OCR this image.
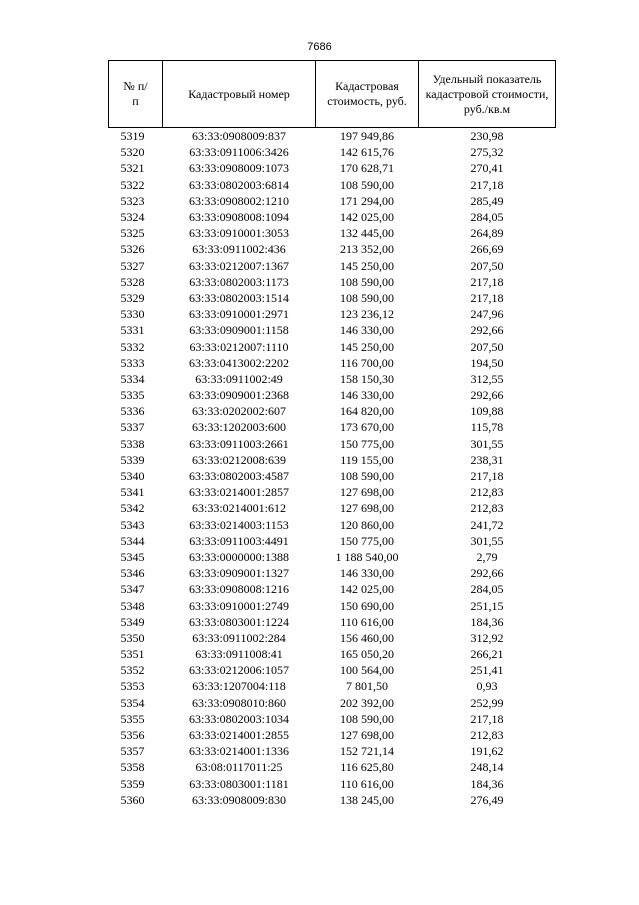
7686
№ п/п	Кадастровый номер	Кадастровая стоимость, руб.	Удельный показатель кадастровой стоимости, руб./кв.м
5319	63:33:0908009:837	197 949,86	230,98
5320	63:33:0911006:3426	142 615,76	275,32
5321	63:33:0908009:1073	170 628,71	270,41
5322	63:33:0802003:6814	108 590,00	217,18
5323	63:33:0908002:1210	171 294,00	285,49
5324	63:33:0908008:1094	142 025,00	284,05
5325	63:33:0910001:3053	132 445,00	264,89
5326	63:33:0911002:436	213 352,00	266,69
5327	63:33:0212007:1367	145 250,00	207,50
5328	63:33:0802003:1173	108 590,00	217,18
5329	63:33:0802003:1514	108 590,00	217,18
5330	63:33:0910001:2971	123 236,12	247,96
5331	63:33:0909001:1158	146 330,00	292,66
5332	63:33:0212007:1110	145 250,00	207,50
5333	63:33:0413002:2202	116 700,00	194,50
5334	63:33:0911002:49	158 150,30	312,55
5335	63:33:0909001:2368	146 330,00	292,66
5336	63:33:0202002:607	164 820,00	109,88
5337	63:33:1202003:600	173 670,00	115,78
5338	63:33:0911003:2661	150 775,00	301,55
5339	63:33:0212008:639	119 155,00	238,31
5340	63:33:0802003:4587	108 590,00	217,18
5341	63:33:0214001:2857	127 698,00	212,83
5342	63:33:0214001:612	127 698,00	212,83
5343	63:33:0214003:1153	120 860,00	241,72
5344	63:33:0911003:4491	150 775,00	301,55
5345	63:33:0000000:1388	1 188 540,00	2,79
5346	63:33:0909001:1327	146 330,00	292,66
5347	63:33:0908008:1216	142 025,00	284,05
5348	63:33:0910001:2749	150 690,00	251,15
5349	63:33:0803001:1224	110 616,00	184,36
5350	63:33:0911002:284	156 460,00	312,92
5351	63:33:0911008:41	165 050,20	266,21
5352	63:33:0212006:1057	100 564,00	251,41
5353	63:33:1207004:118	7 801,50	0,93
5354	63:33:0908010:860	202 392,00	252,99
5355	63:33:0802003:1034	108 590,00	217,18
5356	63:33:0214001:2855	127 698,00	212,83
5357	63:33:0214001:1336	152 721,14	191,62
5358	63:08:0117011:25	116 625,80	248,14
5359	63:33:0803001:1181	110 616,00	184,36
5360	63:33:0908009:830	138 245,00	276,49
